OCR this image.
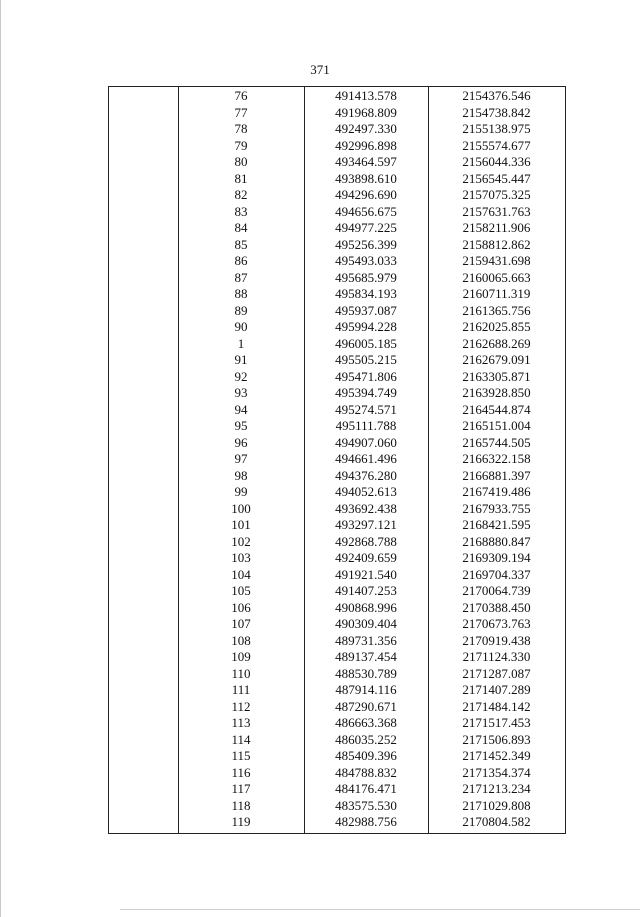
371
76	491413.578	2154376.546
77	491968.809	2154738.842
78	492497.330	2155138.975
79	492996.898	2155574.677
80	493464.597	2156044.336
81	493898.610	2156545.447
82	494296.690	2157075.325
83	494656.675	2157631.763
84	494977.225	2158211.906
85	495256.399	2158812.862
86	495493.033	2159431.698
87	495685.979	2160065.663
88	495834.193	2160711.319
89	495937.087	2161365.756
90	495994.228	2162025.855
1	496005.185	2162688.269
91	495505.215	2162679.091
92	495471.806	2163305.871
93	495394.749	2163928.850
94	495274.571	2164544.874
95	495111.788	2165151.004
96	494907.060	2165744.505
97	494661.496	2166322.158
98	494376.280	2166881.397
99	494052.613	2167419.486
100	493692.438	2167933.755
101	493297.121	2168421.595
102	492868.788	2168880.847
103	492409.659	2169309.194
104	491921.540	2169704.337
105	491407.253	2170064.739
106	490868.996	2170388.450
107	490309.404	2170673.763
108	489731.356	2170919.438
109	489137.454	2171124.330
110	488530.789	2171287.087
111	487914.116	2171407.289
112	487290.671	2171484.142
113	486663.368	2171517.453
114	486035.252	2171506.893
115	485409.396	2171452.349
116	484788.832	2171354.374
117	484176.471	2171213.234
118	483575.530	2171029.808
119	482988.756	2170804.582
